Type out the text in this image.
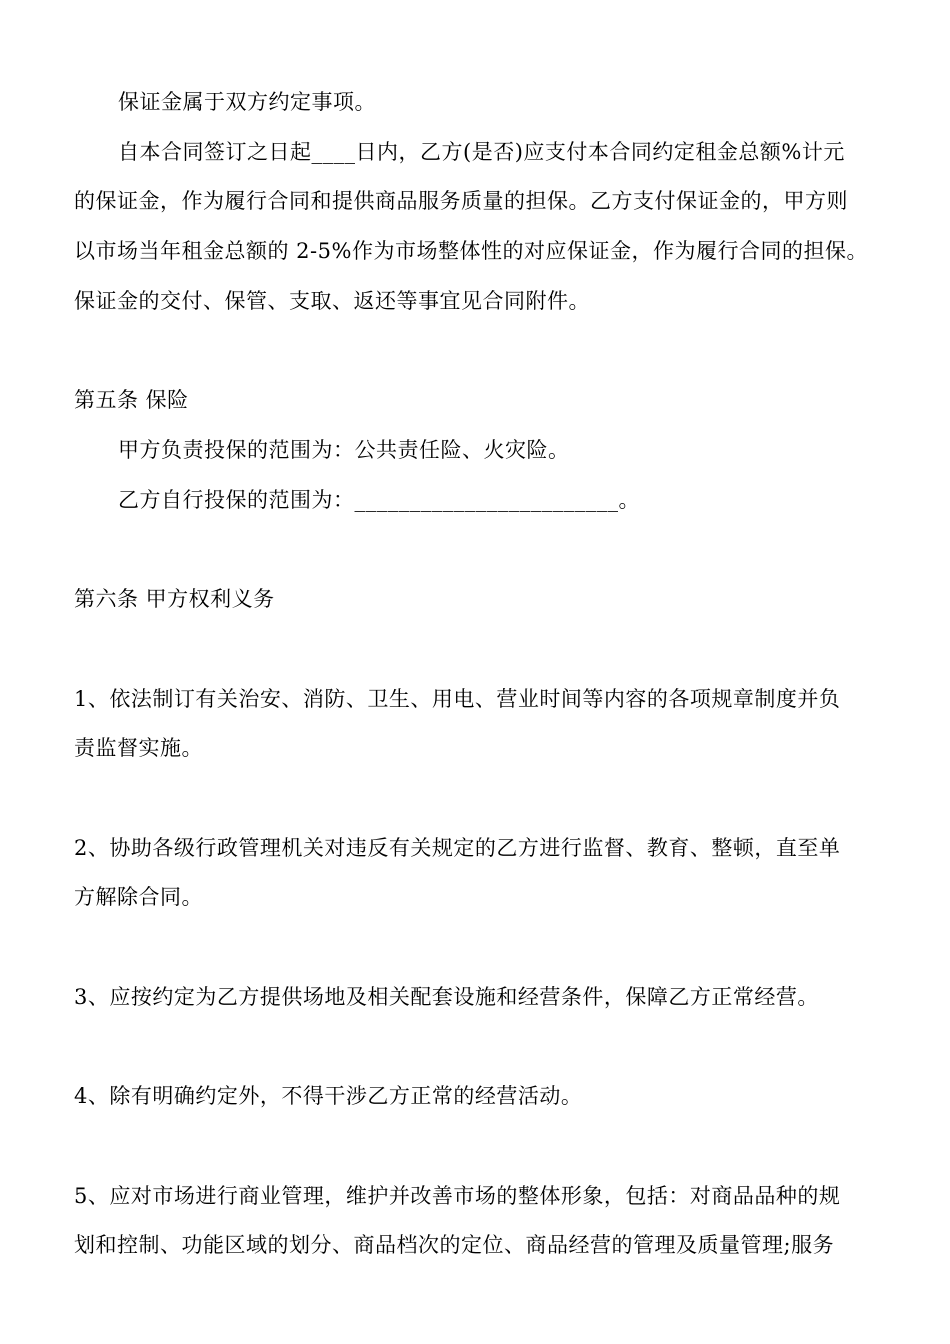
保证金属于双方约定事项。
自本合同签订之日起____日内，乙方(是否)应支付本合同约定租金总额%计元
的保证金，作为履行合同和提供商品服务质量的担保。乙方支付保证金的，甲方则
以市场当年租金总额的 2-5%作为市场整体性的对应保证金，作为履行合同的担保。
保证金的交付、保管、支取、返还等事宜见合同附件。
第五条 保险
甲方负责投保的范围为：公共责任险、火灾险。
乙方自行投保的范围为：________________________。
第六条 甲方权利义务
1、依法制订有关治安、消防、卫生、用电、营业时间等内容的各项规章制度并负
责监督实施。
2、协助各级行政管理机关对违反有关规定的乙方进行监督、教育、整顿，直至单
方解除合同。
3、应按约定为乙方提供场地及相关配套设施和经营条件，保障乙方正常经营。
4、除有明确约定外，不得干涉乙方正常的经营活动。
5、应对市场进行商业管理，维护并改善市场的整体形象，包括：对商品品种的规
划和控制、功能区域的划分、商品档次的定位、商品经营的管理及质量管理;服务
